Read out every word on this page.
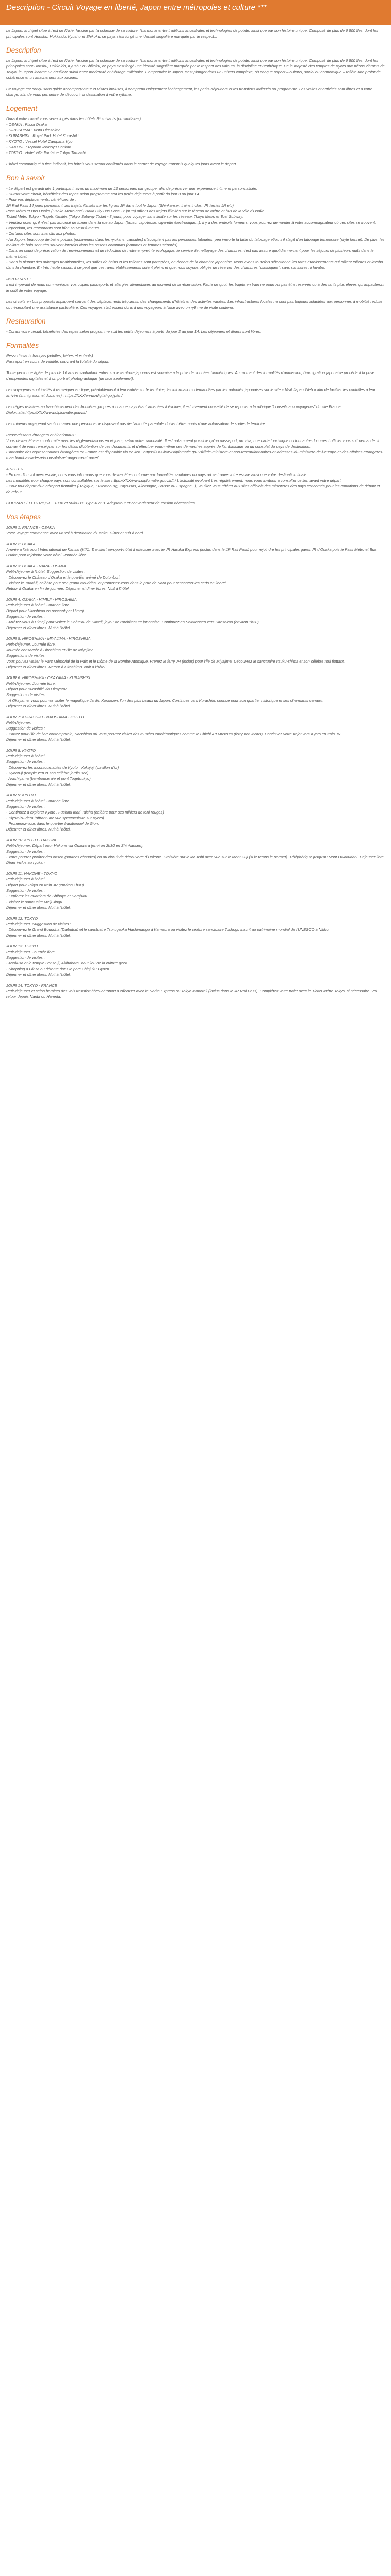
Description - Circuit Voyage en liberté, Japon entre métropoles et culture ***
Le Japon, archipel situé à l'est de l'Asie, fascine par la richesse de sa culture, l'harmonie entre traditions ancestrales et technologies de pointe, ainsi que par son histoire unique. Composé de plus de 6 800 îles, dont les principales sont Honshu, Hokkaido, Kyushu et Shikoku, ce pays s'est forgé une identité singulière marquée par le respect...
Description
Le Japon, archipel situé à l'est de l'Asie, fascine par la richesse de sa culture, l'harmonie entre traditions ancestrales et technologies de pointe, ainsi que par son histoire unique. Composé de plus de 6 800 îles, dont les principales sont Honshu, Hokkaido, Kyushu et Shikoku, ce pays s'est forgé une identité singulière marquée par le respect des valeurs, la discipline et l'esthétique. De la majesté des temples de Kyoto aux néons vibrants de Tokyo, le Japon incarne un équilibre subtil entre modernité et héritage millénaire. Comprendre le Japon, c'est plonger dans un univers complexe, où chaque aspect – culturel, social ou économique – reflète une profonde cohérence et un attachement aux racines.
Ce voyage est conçu sans guide accompagnateur et visites incluses, il comprend uniquement l'hébergement, les petits-déjeuners et les transferts indiqués au programme. Les visites et activités sont libres et à votre charge, afin de vous permettre de découvrir la destination à votre rythme.
Logement
Durant votre circuit vous serez logés dans les hôtels 3* suivants (ou similaires) :
- OSAKA : Plaza Osaka
- HIROSHIMA : Vista Hiroshima
- KURASHIKI : Royal Park Hotel Kurashiki
- KYOTO : Vessel Hotel Campana Kyo
- HAKONE : Ryokan Ichinoyu Honkan
- TOKYO : Hotel Villa Fontaine Tokyo Tamachi
L'hôtel communiqué à titre indicatif, les hôtels vous seront confirmés dans le carnet de voyage transmis quelques jours avant le départ.
Bon à savoir
- Le départ est garanti dès 1 participant, avec un maximum de 10 personnes par groupe, afin de préserver une expérience intime et personnalisée.
- Durant votre circuit, bénéficiez des repas selon programme soit les petits déjeuners à partir du jour 3 au jour 14.
- Pour vos déplacements, bénéficiez de :
JR Rail Pass 14 jours permettant des trajets illimités sur les lignes JR dans tout le Japon (Shinkansen trains inclus, JR ferries JR etc)
Pass Métro et Bus Osaka (Osaka Metro and Osaka City Bus Pass - 2 jours) offrant des trajets illimités sur le réseau de métro et bus de la ville d'Osaka.
Ticket Métro Tokyo - Trajets illimités (Tokyo Subway Ticket - 3 jours) pour voyager sans limite sur les réseaux Tokyo Metro et Toei Subway.
- Veuillez noter qu'il n'est pas autorisé de fumer dans la rue au Japon (tabac, vapoteuse, cigarette électronique...). Il y a des endroits fumeurs, vous pourrez demander à votre accompagnateur où ces sites se trouvent. Cependant, les restaurants sont bien souvent fumeurs.
- Certains sites sont interdits aux photos.
- Au Japon, beaucoup de bains publics (notamment dans les ryokans, capsules) n'acceptent pas les personnes tatouées, peu importe la taille du tatouage et/ou s'il s'agit d'un tatouage temporaire (style henné). De plus, les maillots de bain sont très souvent interdits dans les onsens communs (hommes et femmes séparés).
- Dans un souci de préservation de l'environnement et de réduction de notre empreinte écologique, le service de nettoyage des chambres n'est pas assuré quotidiennement pour les séjours de plusieurs nuits dans le même hôtel.
- Dans la plupart des auberges traditionnelles, les salles de bains et les toilettes sont partagées, en dehors de la chambre japonaise. Nous avons toutefois sélectionné les rares établissements qui offrent toilettes et lavabo dans la chambre. En très haute saison, il se peut que ces rares établissements soient pleins et que nous soyons obligés de réserver des chambres "classiques", sans sanitaires ni lavabo.
IMPORTANT :
Il est impératif de nous communiquer vos copies passeports et allergies alimentaires au moment de la réservation. Faute de quoi, les trajets en train ne pourront pas être réservés ou à des tarifs plus élevés qui impacteront le coût de votre voyage.
Les circuits en bus proposés impliquent souvent des déplacements fréquents, des changements d'hôtels et des activités variées. Les infrastructures locales ne sont pas toujours adaptées aux personnes à mobilité réduite ou nécessitant une assistance particulière. Ces voyages s'adressent donc à des voyageurs à l'aise avec un rythme de visite soutenu.
Restauration
- Durant votre circuit, bénéficiez des repas selon programme soit les petits déjeuners à partir du jour 3 au jour 14. Les déjeuners et dîners sont libres.
Formalités
Ressortissants français (adultes, bébés et enfants) :
Passeport en cours de validité, couvrant la totalité du séjour.
Toute personne âgée de plus de 16 ans et souhaitant entrer sur le territoire japonais est soumise à la prise de données biométriques. Au moment des formalités d'admission, l'immigration japonaise procède à la prise d'empreintes digitales et à un portrait photographique (de face seulement).
Les voyageurs sont invités à renseigner en ligne, préalablement à leur entrée sur le territoire, les informations demandées par les autorités japonaises sur le site « Visit Japan Web » afin de faciliter les contrôles à leur arrivée (immigration et douanes) : https://XXX/en-us/digital-go.jp/en/
Les règles relatives au franchissement des frontières propres à chaque pays étant amenées à évoluer, il est vivement conseillé de se reporter à la rubrique "conseils aux voyageurs" du site France Diplomatie.https://XXX/www.diplomatie.gouv.fr/
Les mineurs voyageant seuls ou avec une personne ne disposant pas de l'autorité parentale doivent être munis d'une autorisation de sortie de territoire.
Ressortissants étrangers et binationaux :
Vous devrez être en conformité avec les réglementations en vigueur, selon votre nationalité. Il est notamment possible qu'un passeport, un visa, une carte touristique ou tout autre document officiel vous soit demandé. Il convient de vous renseigner sur les délais d'obtention de ces documents et d'effectuer vous-même ces démarches auprès de l'ambassade ou du consulat du pays de destination.
L'annuaire des représentations étrangères en France est disponible via ce lien : https://XXX/www.diplomatie.gouv.fr/fr/le-ministere-et-son-reseau/annuaires-et-adresses-du-ministere-de-l-europe-et-des-affaires-etrangeres-maedi/ambassades-et-consulats-etrangers-en-france/
A NOTER :
- En cas d'un vol avec escale, nous vous informons que vous devrez être conforme aux formalités sanitaires du pays où se trouve votre escale ainsi que votre destination finale.
Les modalités pour chaque pays sont consultables sur le site https://XXX/www.diplomatie.gouv.fr/fr/ L'actualité évoluant très régulièrement, nous vous invitons à consulter ce lien avant votre départ.
- Pour tout départ d'un aéroport frontalier (Belgique, Luxembourg, Pays-Bas, Allemagne, Suisse ou Espagne...), veuillez vous référer aux sites officiels des ministères des pays concernés pour les conditions de départ et de retour.
COURANT ÉLECTRIQUE : 100V et 50/60Hz. Type A et B. Adaptateur et convertisseur de tension nécessaires.
Vos étapes
JOUR 1: FRANCE - OSAKA
Votre voyage commence avec un vol à destination d'Osaka. Dîner et nuit à bord.
JOUR 2: OSAKA
Arrivée à l'aéroport International de Kansai (KIX). Transfert aéroport-hôtel à effectuer avec le JR Haruka Express (inclus dans le JR Rail Pass) pour rejoindre les principales gares JR d'Osaka puis le Pass Métro et Bus Osaka pour rejoindre votre hôtel. Journée libre.
JOUR 3: OSAKA - NARA - OSAKA
Petit-déjeuner à l'hôtel. Suggestion de visites :
· Découvrez le Château d'Osaka et le quartier animé de Dotonbori.
· Visitez le Todai-ji, célèbre pour son grand Bouddha, et promenez-vous dans le parc de Nara pour rencontrer les cerfs en liberté.
Retour à Osaka en fin de journée. Déjeuner et dîner libres. Nuit à l'hôtel.
JOUR 4: OSAKA - HIMEJI - HIROSHIMA
Petit-déjeuner à l'hôtel. Journée libre.
Départ pour Hiroshima en passant par Himeji.
Suggestion de visites :
· Arrêtez-vous à Himeji pour visiter le Château de Himeji, joyau de l'architecture japonaise. Continuez en Shinkansen vers Hiroshima (environ 1h30).
Déjeuner et dîner libres. Nuit à l'hôtel.
JOUR 5: HIROSHIMA - MIYAJIMA - HIROSHIMA
Petit-déjeuner. Journée libre.
Journée consacrée à Hiroshima et l'île de Miyajima.
Suggestions de visites :
Vous pouvez visiter le Parc Mémorial de la Paix et le Dôme de la Bombe Atomique. Prenez le ferry JR (inclus) pour l'île de Miyajima. Découvrez le sanctuaire Itsuku-shima et son célèbre torii flottant.
Déjeuner et dîner libres. Retour à Hiroshima. Nuit à l'hôtel.
JOUR 6: HIROSHIMA - OKAYAMA - KURASHIKI
Petit-déjeuner. Journée libre.
Départ pour Kurashiki via Okayama.
Suggestions de visites :
· À Okayama, vous pourrez visiter le magnifique Jardin Korakuen, l'un des plus beaux du Japon. Continuez vers Kurashiki, connue pour son quartier historique et ses charmants canaux.
Déjeuner et dîner libres. Nuit à l'hôtel.
JOUR 7: KURASHIKI - NAOSHIMA - KYOTO
Petit-déjeuner.
Suggestion de visites :
· Partez pour l'île de l'art contemporain, Naoshima où vous pourrez visiter des musées emblématiques comme le Chichi Art Museum (ferry non inclus). Continuez votre trajet vers Kyoto en train JR.
Déjeuner et dîner libres. Nuit à l'hôtel.
JOUR 8: KYOTO
Petit-déjeuner à l'hôtel.
Suggestion de visites :
· Découvrez les incontournables de Kyoto : Kokujuji (pavillon d'or)
· Ryoan-ji (temple zen et son célèbre jardin sec)
· Arashiyama (bambouseraie et pont Togetsukyo).
Déjeuner et dîner libres. Nuit à l'hôtel.
JOUR 9: KYOTO
Petit-déjeuner à l'hôtel. Journée libre.
Suggestion de visites :
· Continuez à explorer Kyoto : Fushimi Inari Taisha (célèbre pour ses milliers de torii rouges)
· Kiyomizu-dera (offrant une vue spectaculaire sur Kyoto).
· Promenez-vous dans le quartier traditionnel de Gion.
Déjeuner et dîner libres. Nuit à l'hôtel.
JOUR 10: KYOTO - HAKONE
Petit-déjeuner. Départ pour Hakone via Odawara (environ 2h30 en Shinkansen).
Suggestion de visites :
· Vous pourrez profiter des onsen (sources chaudes) ou du circuit de découverte d'Hakone. Croisière sur le lac Ashi avec vue sur le Mont Fuji (si le temps le permet). Téléphérique jusqu'au Mont Owakudani. Déjeuner libre. Dîner inclus au ryokan.
JOUR 11: HAKONE - TOKYO
Petit-déjeuner à l'hôtel.
Départ pour Tokyo en train JR (environ 1h30).
Suggestion de visites :
· Explorez les quartiers de Shibuya et Harajuku.
· Visitez le sanctuaire Meiji Jingu.
Déjeuner et dîner libres. Nuit à l'hôtel.
JOUR 12: TOKYO
Petit-déjeuner. Suggestion de visites :
· Découvrez le Grand Bouddha (Daibutsu) et le sanctuaire Tsurugaoka Hachimangu à Kamaura ou visitez le célèbre sanctuaire Toshogu inscrit au patrimoine mondial de l'UNESCO à Nikko.
Déjeuner et dîner libres. Nuit à l'hôtel.
JOUR 13: TOKYO
Petit-déjeuner. Journée libre.
Suggestion de visites :
· Asakusa et le temple Senso-ji, Akihabara, haut lieu de la culture geek.
· Shopping à Ginza ou détente dans le parc Shinjuku Gyoen.
Déjeuner et dîner libres. Nuit à l'hôtel.
JOUR 14: TOKYO - FRANCE
Petit-déjeuner et selon horaires des vols transfert hôtel-aéroport à effectuer avec le Narita Express ou Tokyo Monorail (inclus dans le JR Rail Pass). Complétez votre trajet avec le Ticket Métro Tokyo, si nécessaire. Vol retour depuis Narita ou Haneda.
